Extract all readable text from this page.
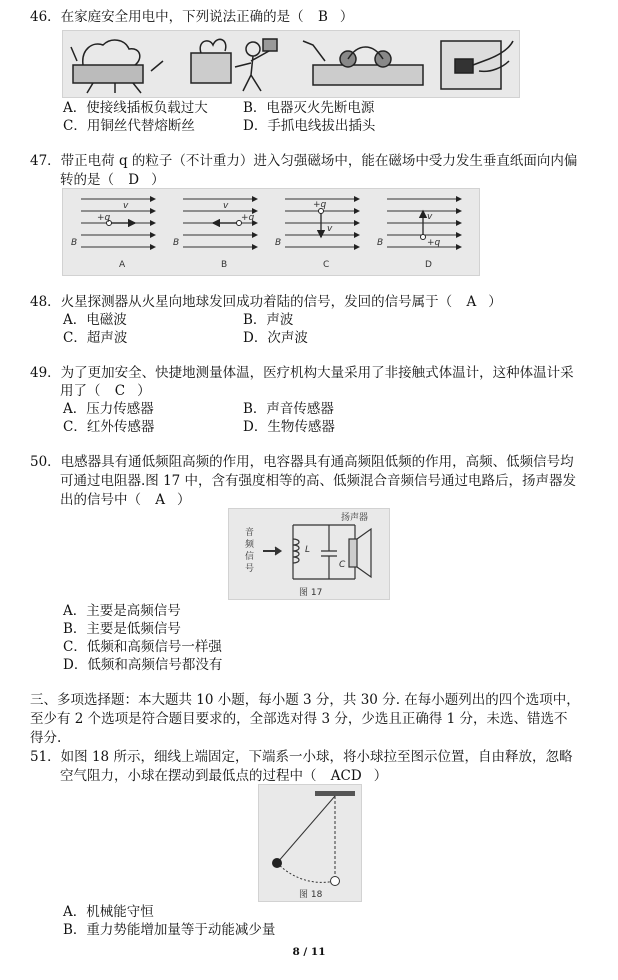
46．在家庭安全用电中，下列说法正确的是（ B ）
A．使接线插板负载过大	B．电器灭火先断电源
C．用铜丝代替熔断丝	D．手抓电线拔出插头
47．带正电荷 q 的粒子（不计重力）进入匀强磁场中，能在磁场中受力发生垂直纸面向内偏
转的是（ D ）
B	B	B	B
+q	+q
+q
+q
v	v
v
v
A	B	C	D
48．火星探测器从火星向地球发回成功着陆的信号，发回的信号属于（ A ）
A．电磁波	B．声波
C．超声波	D．次声波
49．为了更加安全、快捷地测量体温，医疗机构大量采用了非接触式体温计，这种体温计采
用了（ C ）
A．压力传感器	B．声音传感器
C．红外传感器	D．生物传感器
50．电感器具有通低频阻高频的作用，电容器具有通高频阻低频的作用，高频、低频信号均
可通过电阻器.图 17 中，含有强度相等的高、低频混合音频信号通过电路后，扬声器发
出的信号中（ A ）
L
C
扬声器
图 17
音
频
信
号
A．主要是高频信号
B．主要是低频信号
C．低频和高频信号一样强
D．低频和高频信号都没有
三、多项选择题：本大题共 10 小题，每小题 3 分，共 30 分. 在每小题列出的四个选项中，
至少有 2 个选项是符合题目要求的，全部选对得 3 分，少选且正确得 1 分，未选、错选不
得分.
51．如图 18 所示，细线上端固定，下端系一小球，将小球拉至图示位置，自由释放，忽略
空气阻力，小球在摆动到最低点的过程中（ ACD ）
图 18
A．机械能守恒
B．重力势能增加量等于动能减少量
8 / 11
